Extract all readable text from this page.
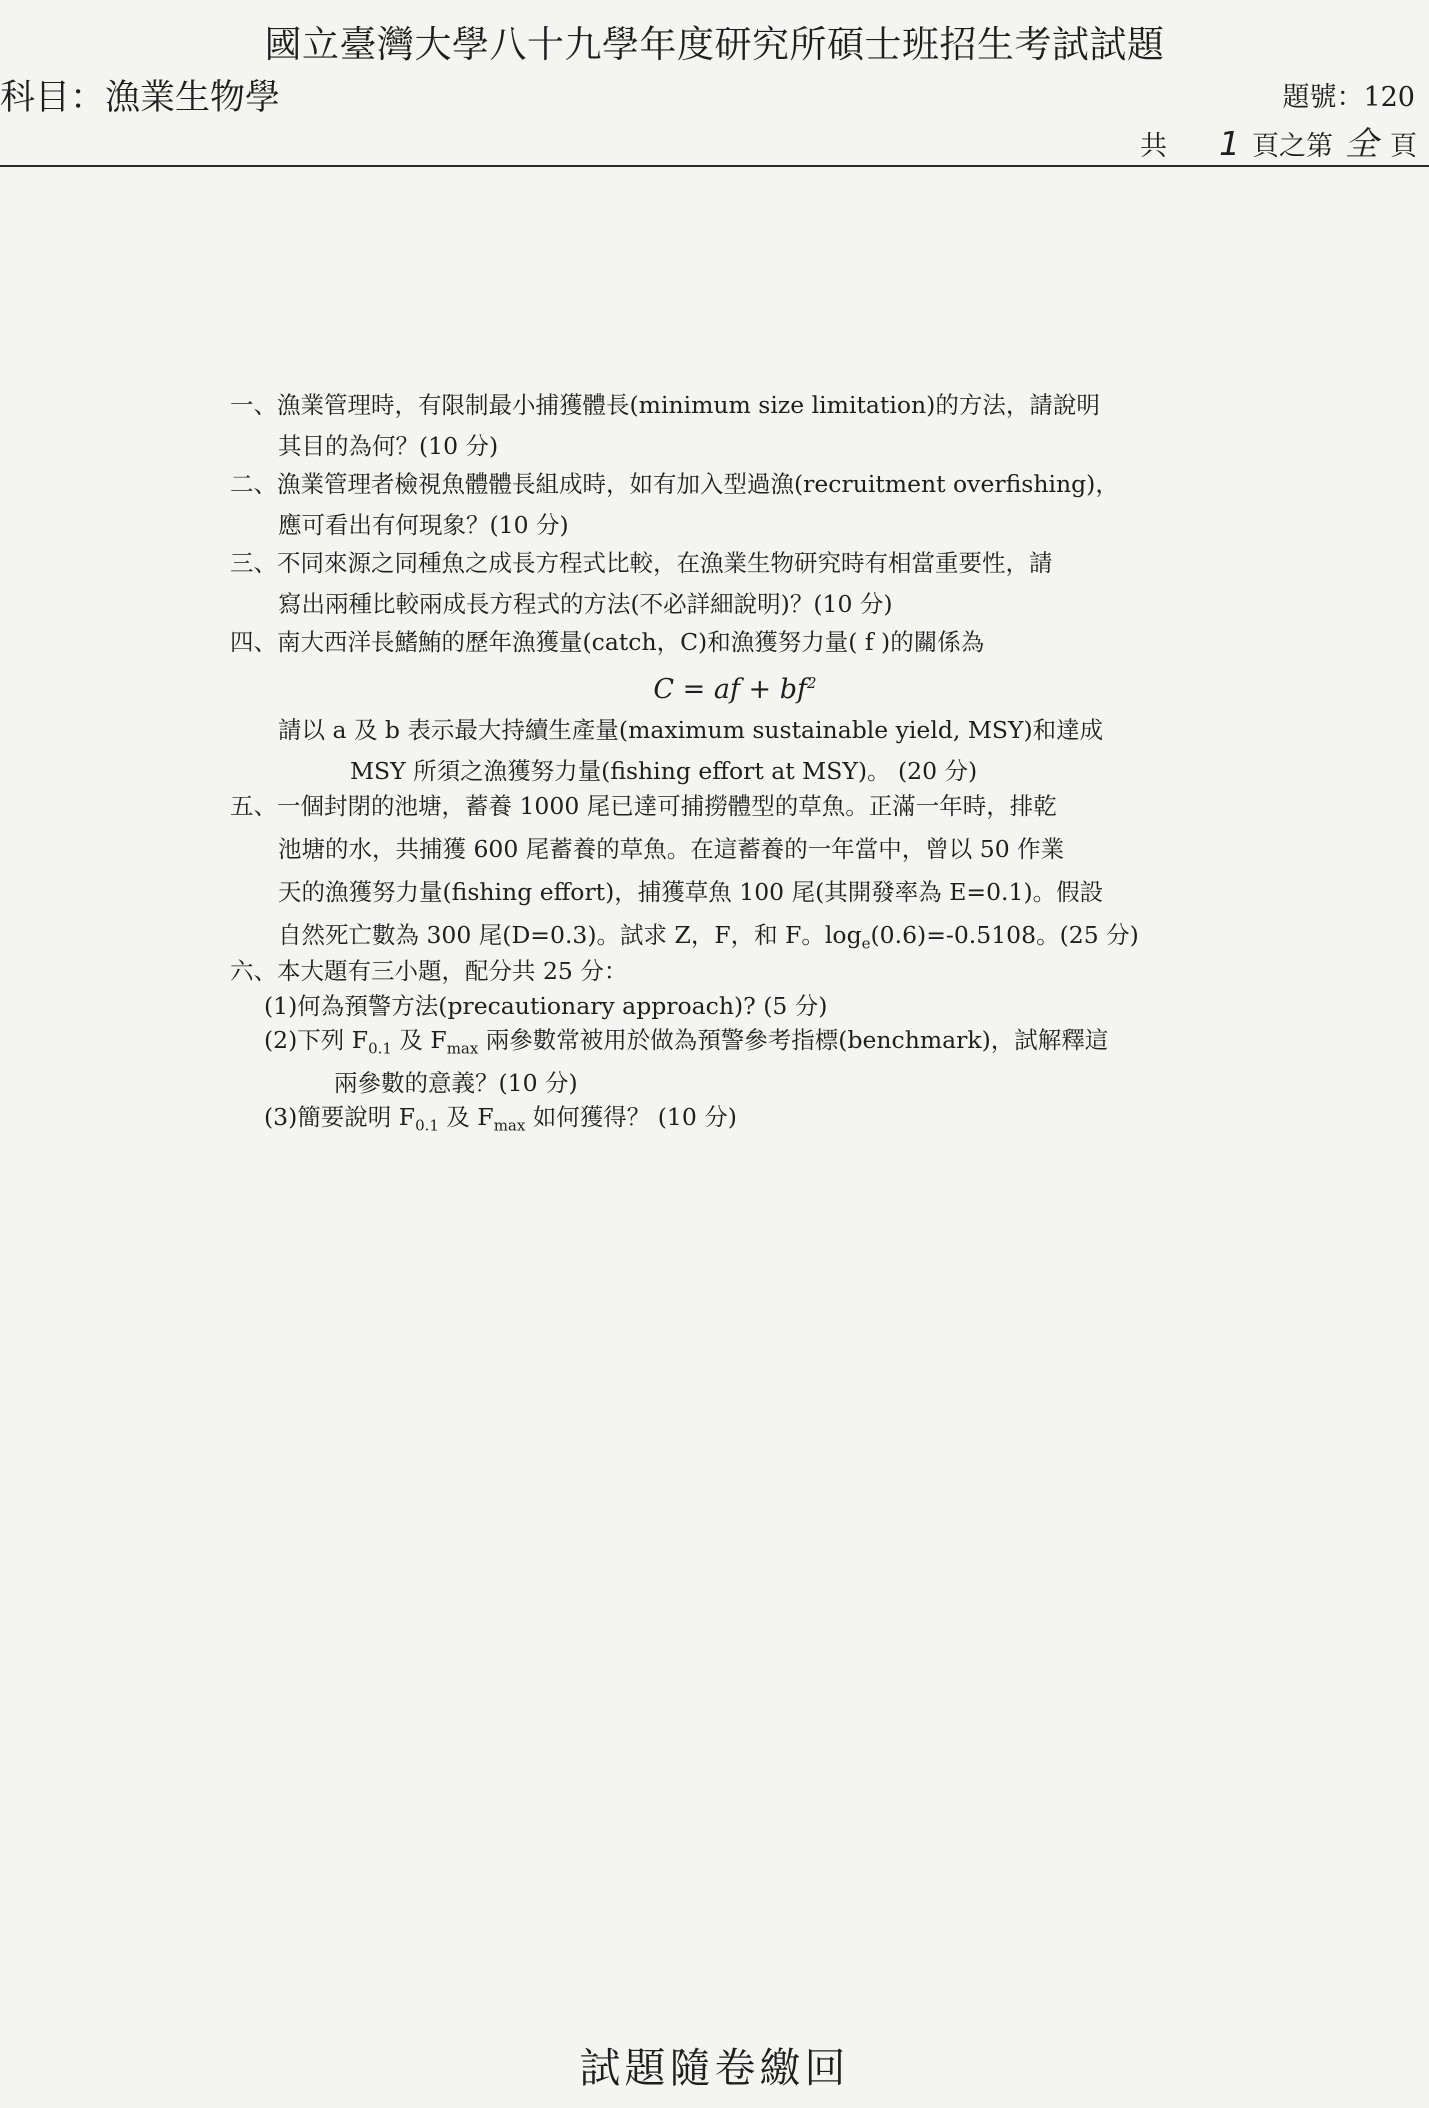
國立臺灣大學八十九學年度研究所碩士班招生考試試題
科目：漁業生物學	題號：120
共 1 頁之第 全 頁
一、漁業管理時，有限制最小捕獲體長(minimum size limitation)的方法，請說明
其目的為何？(10 分)
二、漁業管理者檢視魚體體長組成時，如有加入型過漁(recruitment overfishing)，
應可看出有何現象？(10 分)
三、不同來源之同種魚之成長方程式比較，在漁業生物研究時有相當重要性，請
寫出兩種比較兩成長方程式的方法(不必詳細說明)？(10 分)
四、南大西洋長鰭鮪的歷年漁獲量(catch，C)和漁獲努力量( f )的關係為
C = af + $bf^2$
請以 a 及 b 表示最大持續生產量(maximum sustainable yield, MSY)和達成
MSY 所須之漁獲努力量(fishing effort at MSY)。 (20 分)
五、一個封閉的池塘，蓄養 1000 尾已達可捕撈體型的草魚。正滿一年時，排乾
池塘的水，共捕獲 600 尾蓄養的草魚。在這蓄養的一年當中，曾以 50 作業
天的漁獲努力量(fishing effort)，捕獲草魚 100 尾(其開發率為 E=0.1)。假設
自然死亡數為 300 尾(D=0.3)。試求 Z，F，和 F。$\log_e(0.6)=-0.5108$。(25 分)
六、本大題有三小題，配分共 25 分：
(1)何為預警方法(precautionary approach)? (5 分)
(2)下列 $F_{0.1}$ 及 $F_{max}$ 兩參數常被用於做為預警參考指標(benchmark)，試解釋這
兩參數的意義？(10 分)
(3)簡要說明 $F_{0.1}$ 及 $F_{max}$ 如何獲得？ (10 分)
試題隨卷繳回
